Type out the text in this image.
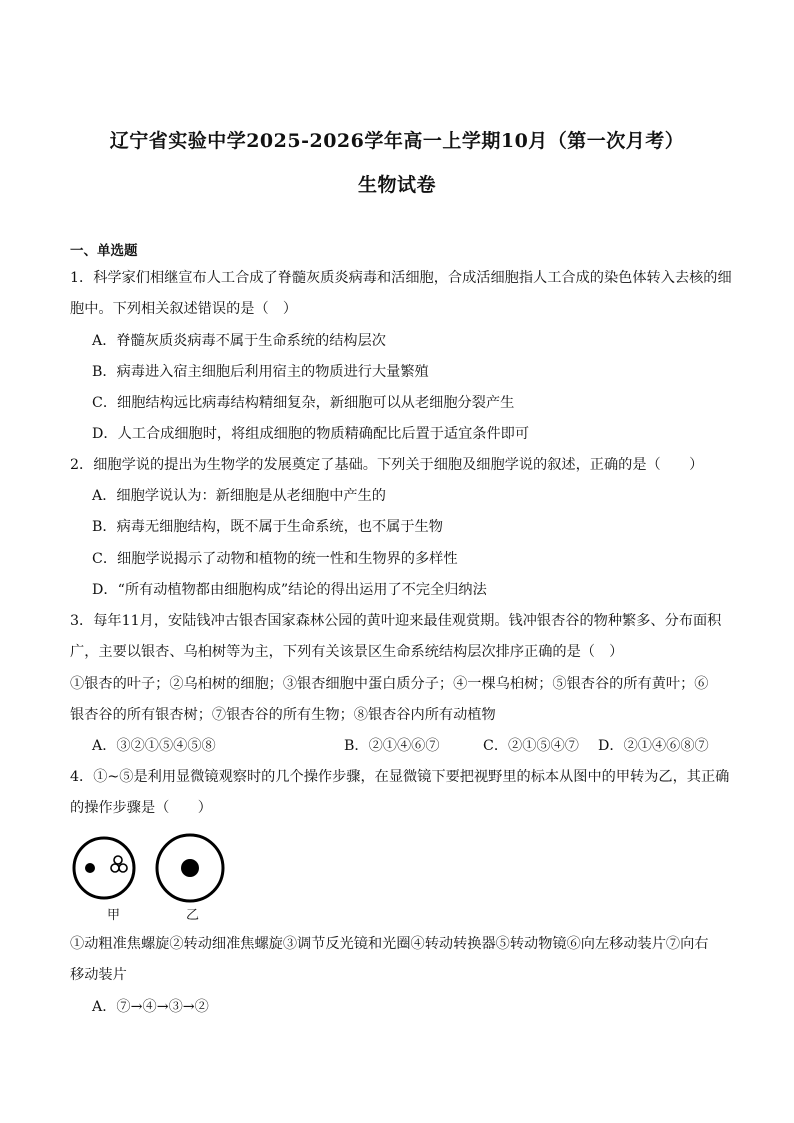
辽宁省实验中学2025-2026学年高一上学期10月（第一次月考）
生物试卷
一、单选题
1．科学家们相继宣布人工合成了脊髓灰质炎病毒和活细胞，合成活细胞指人工合成的染色体转入去核的细
胞中。下列相关叙述错误的是（　）
A．脊髓灰质炎病毒不属于生命系统的结构层次
B．病毒进入宿主细胞后利用宿主的物质进行大量繁殖
C．细胞结构远比病毒结构精细复杂，新细胞可以从老细胞分裂产生
D．人工合成细胞时，将组成细胞的物质精确配比后置于适宜条件即可
2．细胞学说的提出为生物学的发展奠定了基础。下列关于细胞及细胞学说的叙述，正确的是（　　）
A．细胞学说认为：新细胞是从老细胞中产生的
B．病毒无细胞结构，既不属于生命系统，也不属于生物
C．细胞学说揭示了动物和植物的统一性和生物界的多样性
D．“所有动植物都由细胞构成”结论的得出运用了不完全归纳法
3．每年11月，安陆钱冲古银杏国家森林公园的黄叶迎来最佳观赏期。钱冲银杏谷的物种繁多、分布面积
广，主要以银杏、乌桕树等为主，下列有关该景区生命系统结构层次排序正确的是（　）
①银杏的叶子；②乌桕树的细胞；③银杏细胞中蛋白质分子；④一棵乌桕树；⑤银杏谷的所有黄叶；⑥
银杏谷的所有银杏树；⑦银杏谷的所有生物；⑧银杏谷内所有动植物
A．③②①⑤④⑤⑧	B．②①④⑥⑦	C．②①⑤④⑦ D．②①④⑥⑧⑦
4．①~⑤是利用显微镜观察时的几个操作步骤，在显微镜下要把视野里的标本从图中的甲转为乙，其正确
的操作步骤是（　　）
甲	乙
①动粗准焦螺旋②转动细准焦螺旋③调节反光镜和光圈④转动转换器⑤转动物镜⑥向左移动装片⑦向右
移动装片
A．⑦→④→③→②
